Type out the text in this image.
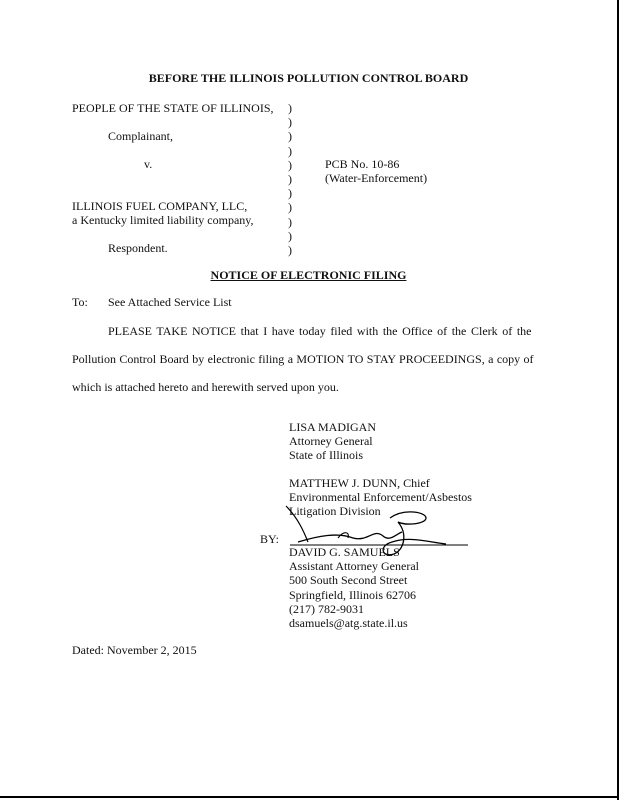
BEFORE THE ILLINOIS POLLUTION CONTROL BOARD
PEOPLE OF THE STATE OF ILLINOIS,
Complainant,
v.
ILLINOIS FUEL COMPANY, LLC,
a Kentucky limited liability company,
Respondent.
)
)
)
)
)
)
)
)
)
)
)
PCB No. 10-86
(Water-Enforcement)
NOTICE OF ELECTRONIC FILING
To: See Attached Service List
PLEASE TAKE NOTICE that I have today filed with the Office of the Clerk of the
Pollution Control Board by electronic filing a MOTION TO STAY PROCEEDINGS, a copy of
which is attached hereto and herewith served upon you.
LISA MADIGAN
Attorney General
State of Illinois
MATTHEW J. DUNN, Chief
Environmental Enforcement/Asbestos
Litigation Division
BY:
DAVID G. SAMUELS
Assistant Attorney General
500 South Second Street
Springfield, Illinois 62706
(217) 782-9031
dsamuels@atg.state.il.us
Dated: November 2, 2015
